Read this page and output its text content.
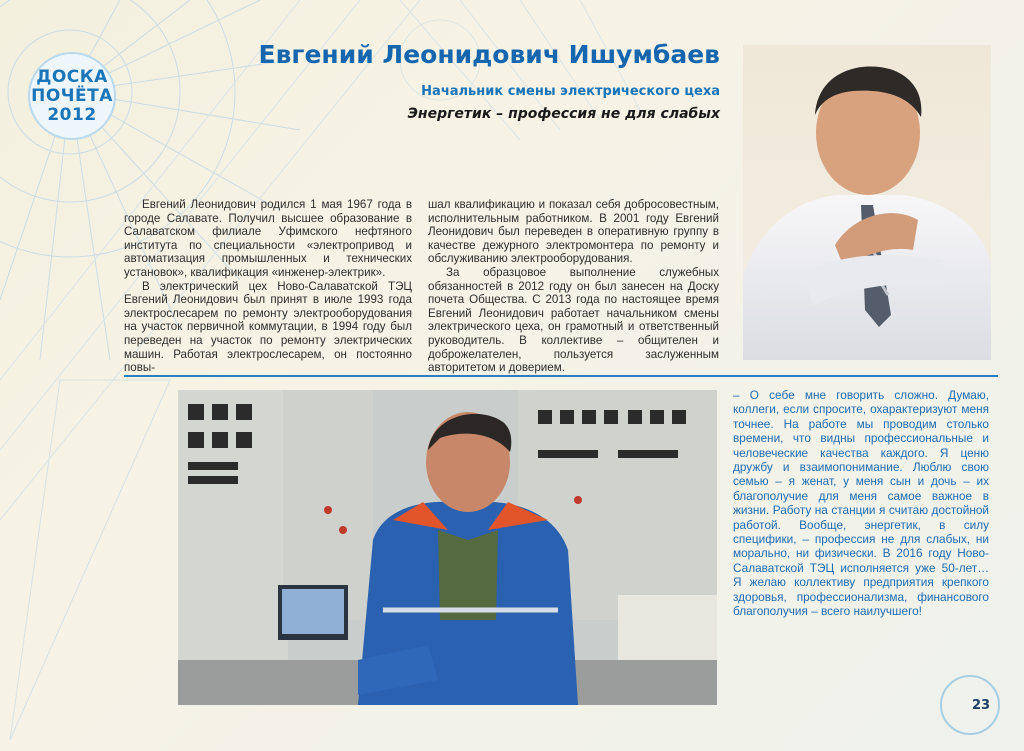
ДОСКА
ПОЧЁТА
2012
Евгений Леонидович Ишумбаев
Начальник смены электрического цеха
Энергетик – профессия не для слабых

Евгений Леонидович родился 1 мая 1967 года в городе Салавате. Получил высшее образование в Салаватском филиале Уфимского нефтяного института по специальности «электропривод и автоматизация промышленных и технических установок», квалификация «инженер-электрик».

В электрический цех Ново-Салаватской ТЭЦ Евгений Леонидович был принят в июле 1993 года электрослесарем по ремонту электрооборудования на участок первичной коммутации, в 1994 году был переведен на участок по ремонту электрических машин. Работая электрослесарем, он постоянно повы-

шал квалификацию и показал себя добросовестным, исполнительным работником. В 2001 году Евгений Леонидович был переведен в оперативную группу в качестве дежурного электромонтера по ремонту и обслуживанию электрооборудования.

За образцовое выполнение служебных обязанностей в 2012 году он был занесен на Доску почета Общества. С 2013 года по настоящее время Евгений Леонидович работает начальником смены электрического цеха, он грамотный и ответственный руководитель. В коллективе – общителен и доброжелателен, пользуется заслуженным авторитетом и доверием.

– О себе мне говорить сложно. Думаю, коллеги, если спросите, охарактеризуют меня точнее. На работе мы проводим столько времени, что видны профессиональные и человеческие качества каждого. Я ценю дружбу и взаимопонимание. Люблю свою семью – я женат, у меня сын и дочь – их благополучие для меня самое важное в жизни. Работу на станции я считаю достойной работой. Вообще, энергетик, в силу специфики, – профессия не для слабых, ни морально, ни физически. В 2016 году Ново-Салаватской ТЭЦ исполняется уже 50-лет… Я желаю коллективу предприятия крепкого здоровья, профессионализма, финансового благополучия – всего наилучшего!

23
